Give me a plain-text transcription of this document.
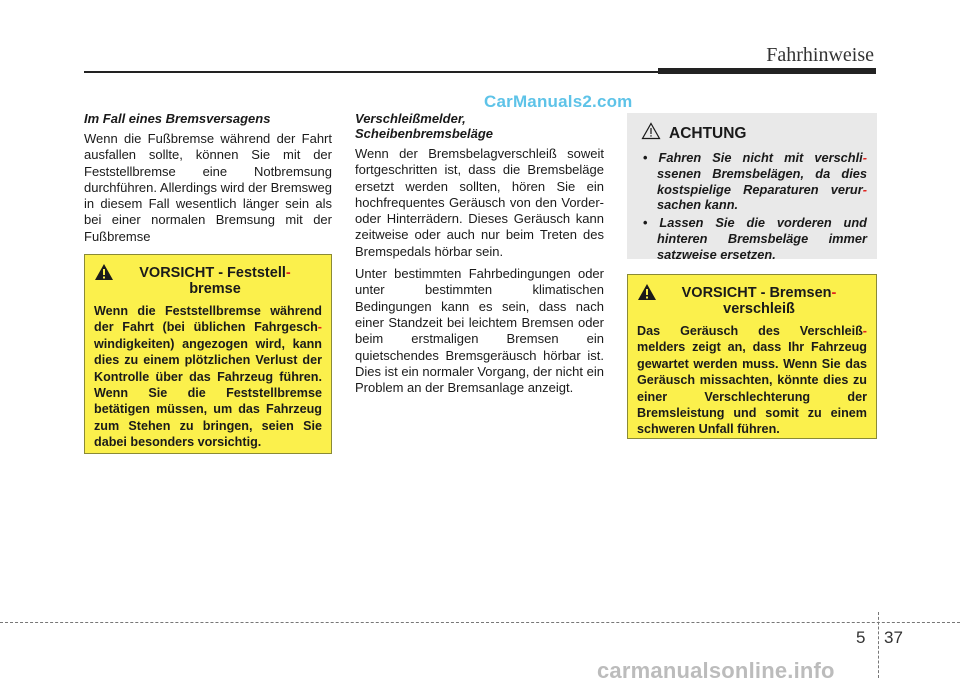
Fahrhinweise
CarManuals2.com
Im Fall eines Bremsversagens

Wenn die Fußbremse während der Fahrt ausfallen sollte, können Sie mit der Feststellbremse eine Notbremsung durchführen. Allerdings wird der Bremsweg in diesem Fall wesentlich länger sein als bei einer normalen Bremsung mit der Fußbremse

VORSICHT - Feststell-
bremse
Wenn die Feststellbremse während der Fahrt (bei üblichen Fahrgesch- windigkeiten) angezogen wird, kann dies zu einem plötzlichen Verlust der Kontrolle über das Fahrzeug führen. Wenn Sie die Feststellbremse betätigen müssen, um das Fahrzeug zum Stehen zu bringen, seien Sie dabei besonders vorsichtig.
Verschleißmelder,
Scheibenbremsbeläge

Wenn der Bremsbelagverschleiß soweit fortgeschritten ist, dass die Bremsbeläge ersetzt werden sollten, hören Sie ein hochfrequentes Geräusch von den Vorder- oder Hinterrädern. Dieses Geräusch kann zeitweise oder auch nur beim Treten des Bremspedals hörbar sein.

Unter bestimmten Fahrbedingungen oder unter bestimmten klimatischen Bedingungen kann es sein, dass nach einer Standzeit bei leichtem Bremsen oder beim erstmaligen Bremsen ein quietschendes Bremsgeräusch hörbar ist. Dies ist ein normaler Vorgang, der nicht ein Problem an der Bremsanlage anzeigt.

ACHTUNG
• Fahren Sie nicht mit verschli- ssenen Bremsbelägen, da dies kostspielige Reparaturen verur- sachen kann.
• Lassen Sie die vorderen und hinteren Bremsbeläge immer satzweise ersetzen.
VORSICHT - Bremsen-
verschleiß
Das Geräusch des Verschleiß- melders zeigt an, dass Ihr Fahrzeug gewartet werden muss. Wenn Sie das Geräusch missachten, könnte dies zu einer Verschlechterung der Bremsleistung und somit zu einem schweren Unfall führen.
5 37
carmanualsonline.info
